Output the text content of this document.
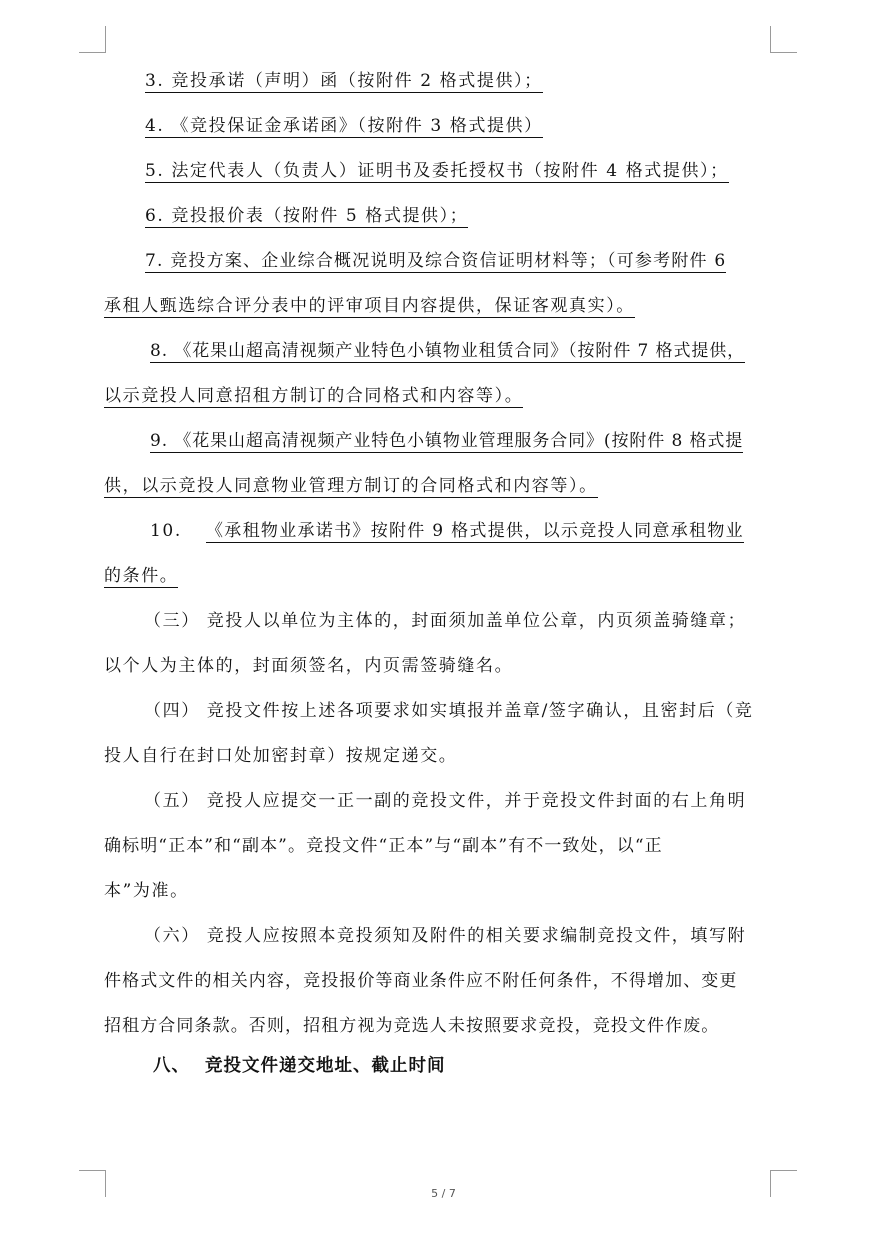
3. 竞投承诺（声明）函（按附件 2 格式提供）；
4. 《竞投保证金承诺函》（按附件 3 格式提供）
5. 法定代表人（负责人）证明书及委托授权书（按附件 4 格式提供）；
6. 竞投报价表（按附件 5 格式提供）；
7. 竞投方案、企业综合概况说明及综合资信证明材料等；（可参考附件 6
承租人甄选综合评分表中的评审项目内容提供，保证客观真实）。
8. 《花果山超高清视频产业特色小镇物业租赁合同》（按附件 7 格式提供，
以示竞投人同意招租方制订的合同格式和内容等）。
9. 《花果山超高清视频产业特色小镇物业管理服务合同》(按附件 8 格式提
供，以示竞投人同意物业管理方制订的合同格式和内容等）。
10. 《承租物业承诺书》按附件 9 格式提供，以示竞投人同意承租物业
的条件。
（三） 竞投人以单位为主体的，封面须加盖单位公章，内页须盖骑缝章；
以个人为主体的，封面须签名，内页需签骑缝名。
（四） 竞投文件按上述各项要求如实填报并盖章/签字确认，且密封后（竞
投人自行在封口处加密封章）按规定递交。
（五） 竞投人应提交一正一副的竞投文件，并于竞投文件封面的右上角明
确标明“正本”和“副本”。竞投文件“正本”与“副本”有不一致处，以“正
本”为准。
（六） 竞投人应按照本竞投须知及附件的相关要求编制竞投文件，填写附
件格式文件的相关内容，竞投报价等商业条件应不附任何条件，不得增加、变更
招租方合同条款。否则，招租方视为竞选人未按照要求竞投，竞投文件作废。
八、 竞投文件递交地址、截止时间
5 / 7
